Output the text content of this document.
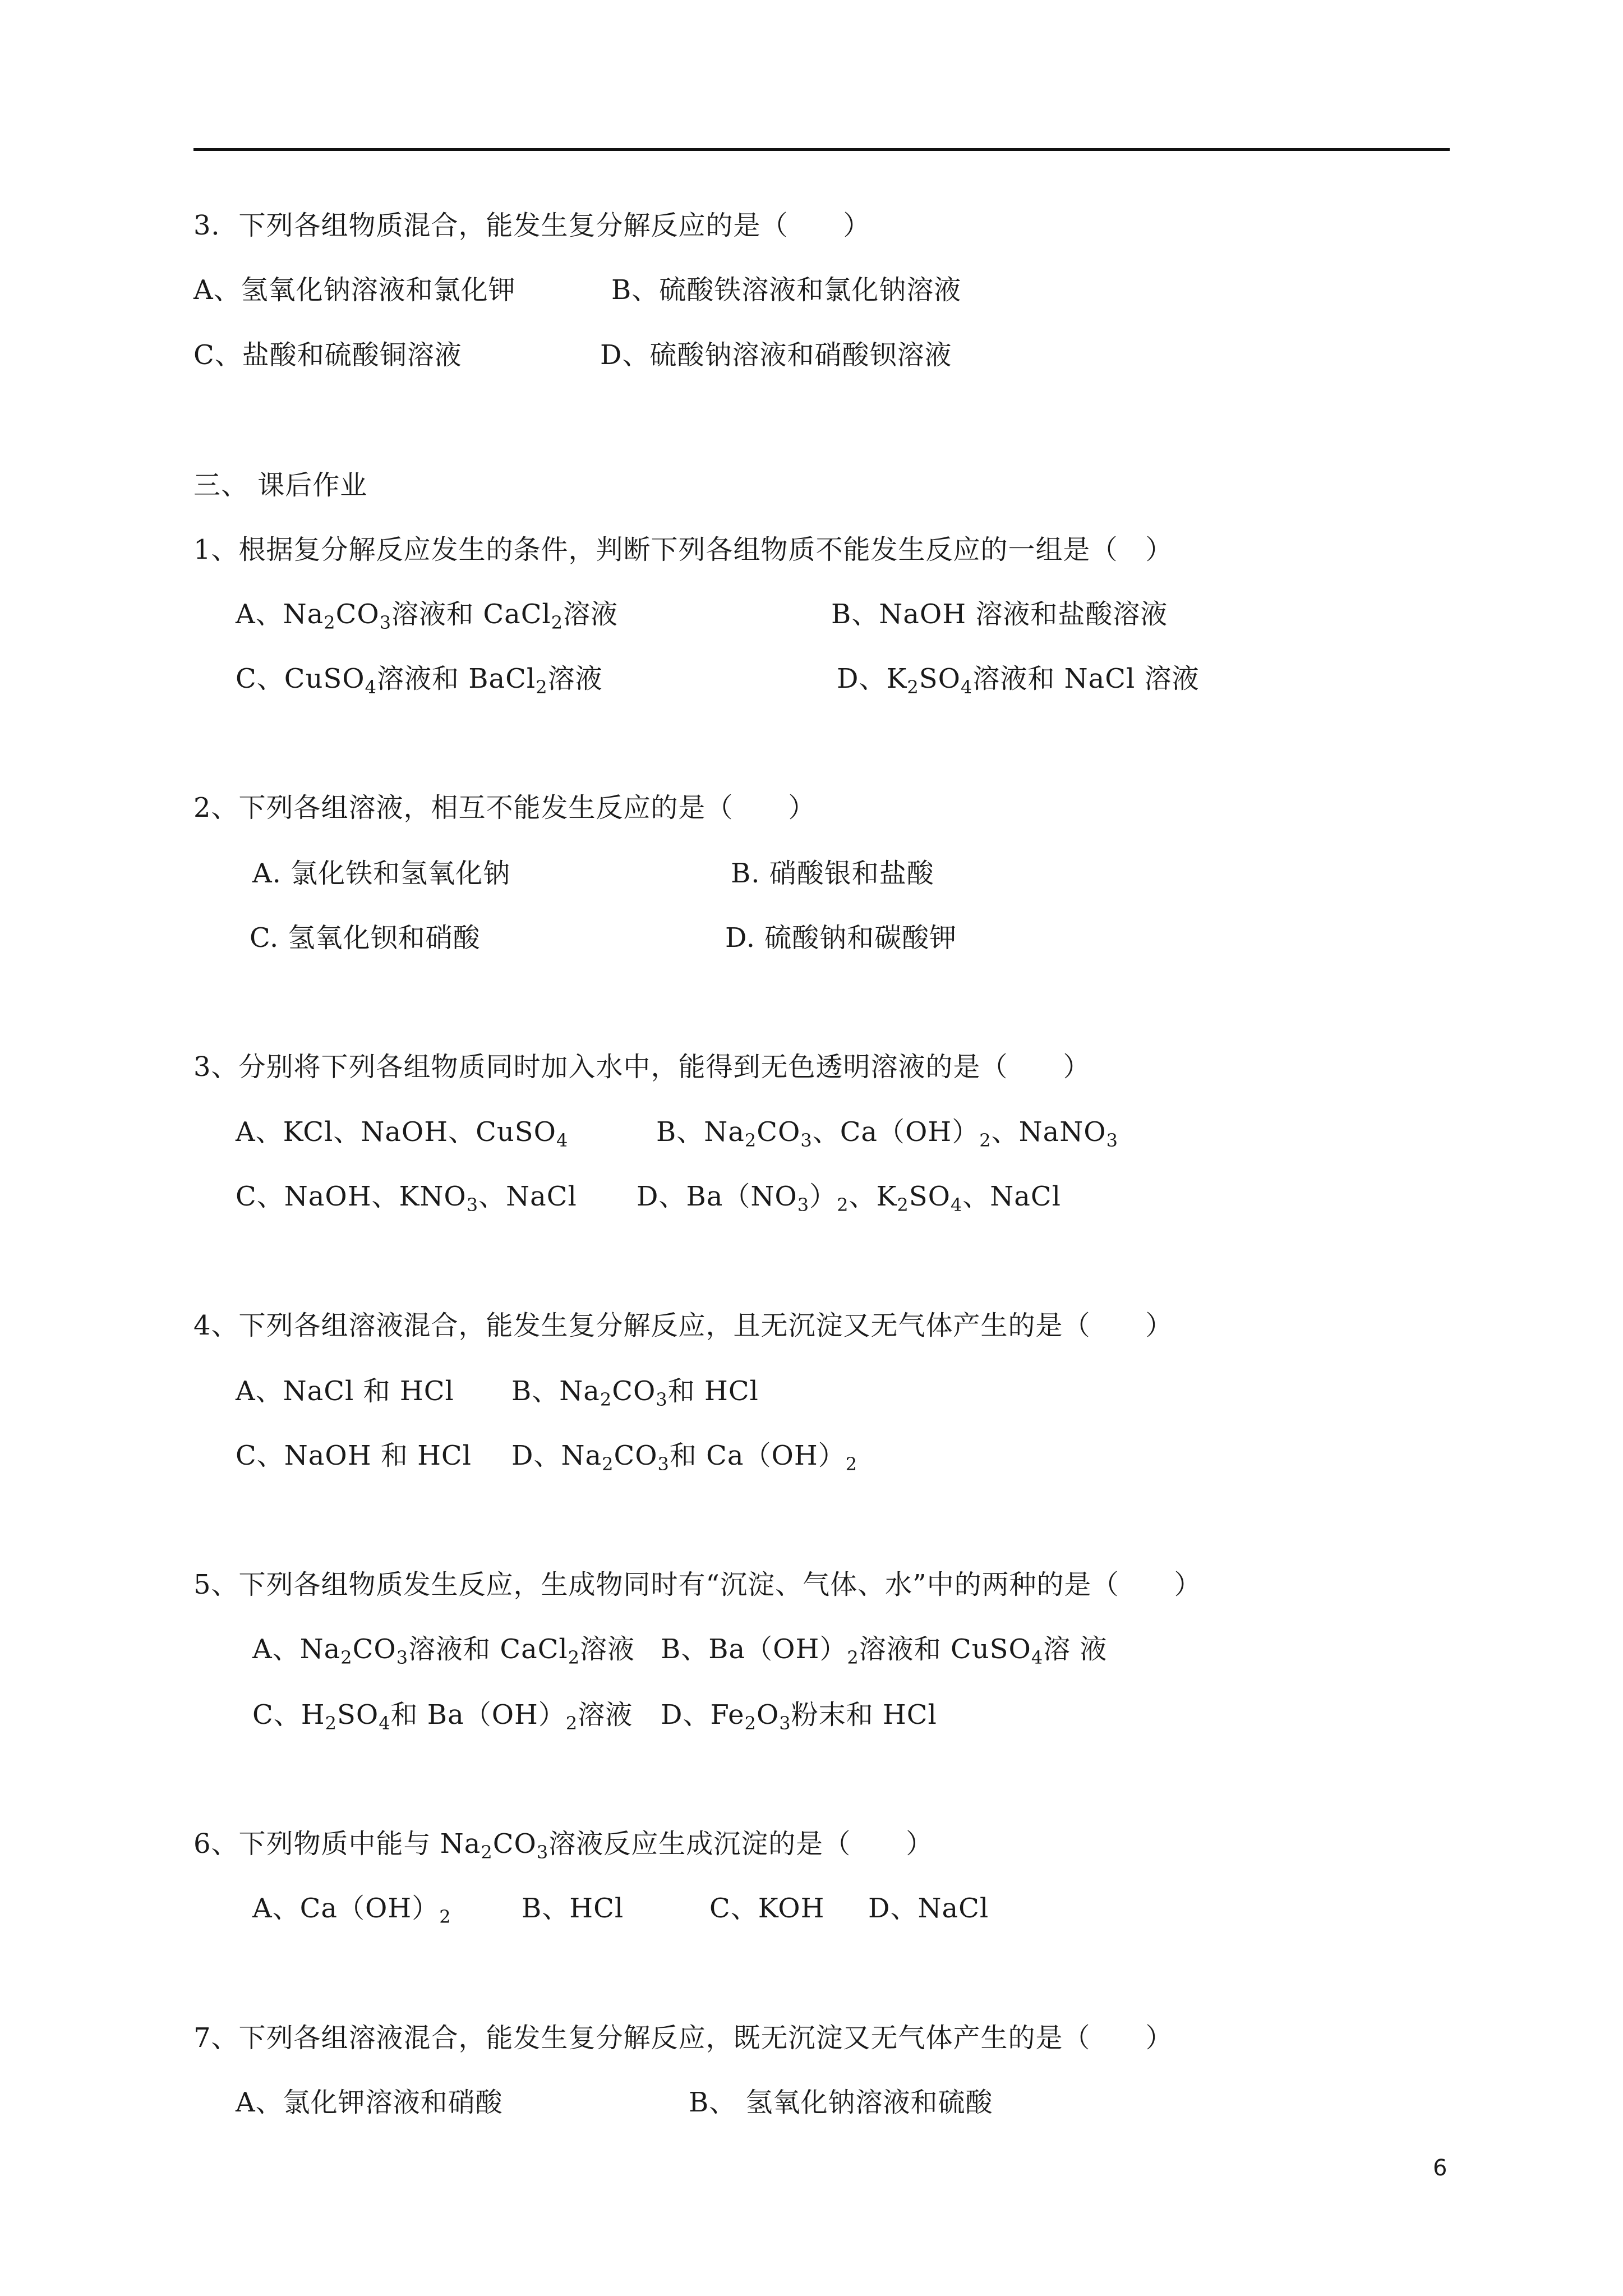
3．下列各组物质混合，能发生复分解反应的是（　　）
A、氢氧化钠溶液和氯化钾	B、硫酸铁溶液和氯化钠溶液
C、盐酸和硫酸铜溶液	D、硫酸钠溶液和硝酸钡溶液
三、 课后作业
1、根据复分解反应发生的条件，判断下列各组物质不能发生反应的一组是（　）
A、$Na_2CO_3$溶液和 CaCl$_2$溶液	B、NaOH 溶液和盐酸溶液
C、CuSO$_4$溶液和 BaCl$_2$溶液	D、$K_2SO_4$溶液和 NaCl 溶液
2、下列各组溶液，相互不能发生反应的是（　　）
A. 氯化铁和氢氧化钠	B. 硝酸银和盐酸
C. 氢氧化钡和硝酸	D. 硫酸钠和碳酸钾
3、分别将下列各组物质同时加入水中，能得到无色透明溶液的是（　　）
A、KCl、NaOH、CuSO$_4$	B、$Na_2CO_3$、$Ca(OH)_2$、NaNO$_3$
C、NaOH、$KNO_3$、NaCl D、$Ba(NO_3)_2$、$K_2SO_4$、NaCl
4、下列各组溶液混合，能发生复分解反应，且无沉淀又无气体产生的是（　　）
A、NaCl 和 HCl B、$Na_2CO_3$和 HCl
C、NaOH 和 HCl D、$Na_2CO_3$和 $Ca(OH)_2$
5、下列各组物质发生反应，生成物同时有“沉淀、气体、水”中的两种的是（　　）
A、$Na_2CO_3$溶液和 CaCl$_2$溶液 B、$Ba(OH)_2$溶液和 CuSO$_4$溶 液
C、$H_2SO_4$和 $Ba(OH)_2$溶液 D、$Fe_2O_3$粉末和 HCl
6、下列物质中能与 $Na_2CO_3$溶液反应生成沉淀的是（　　）
A、$Ca(OH)_2$	B、HCl	C、KOH D、NaCl
7、下列各组溶液混合，能发生复分解反应，既无沉淀又无气体产生的是（　　）
A、氯化钾溶液和硝酸	B、 氢氧化钠溶液和硫酸
6
